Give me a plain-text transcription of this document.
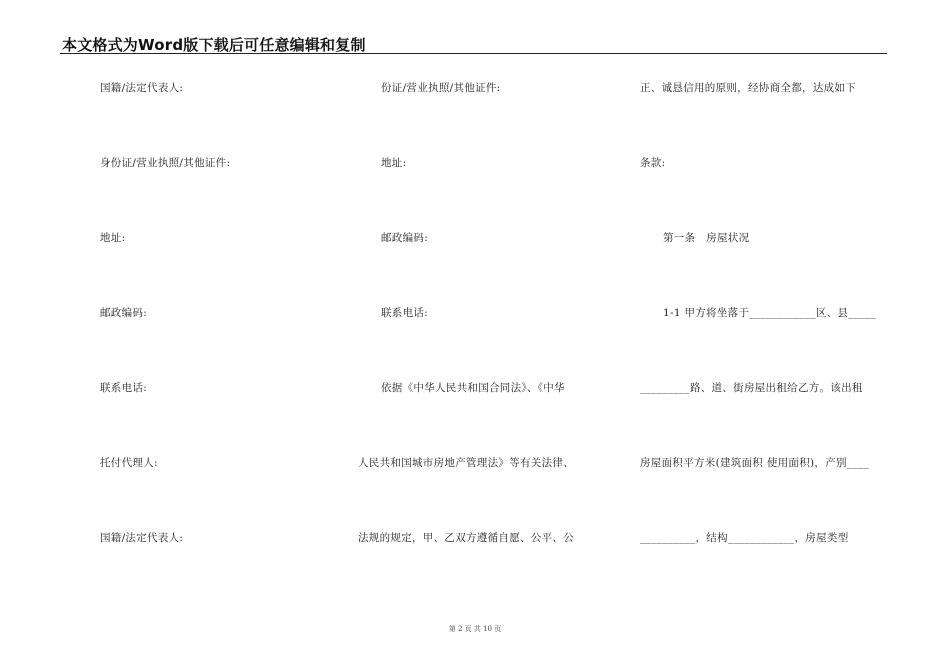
本文格式为Word版下载后可任意编辑和复制
国籍/法定代表人:
身份证/营业执照/其他证件:
地址:
邮政编码:
联系电话:
托付代理人:
国籍/法定代表人:
份证/营业执照/其他证件:
地址:
邮政编码:
联系电话:
依据《中华人民共和国合同法》、《中华
人民共和国城市房地产管理法》等有关法律、
法规的规定，甲、乙双方遵循自愿、公平、公
正、诚恳信用的原则，经协商全都，达成如下
条款:
第一条　房屋状况
1-1 甲方将坐落于____________区、县_____
_________路、道、街房屋出租给乙方。该出租
房屋面积平方米(建筑面积 使用面积)，产别____
__________，结构____________，房屋类型
第 2 页 共 10 页
